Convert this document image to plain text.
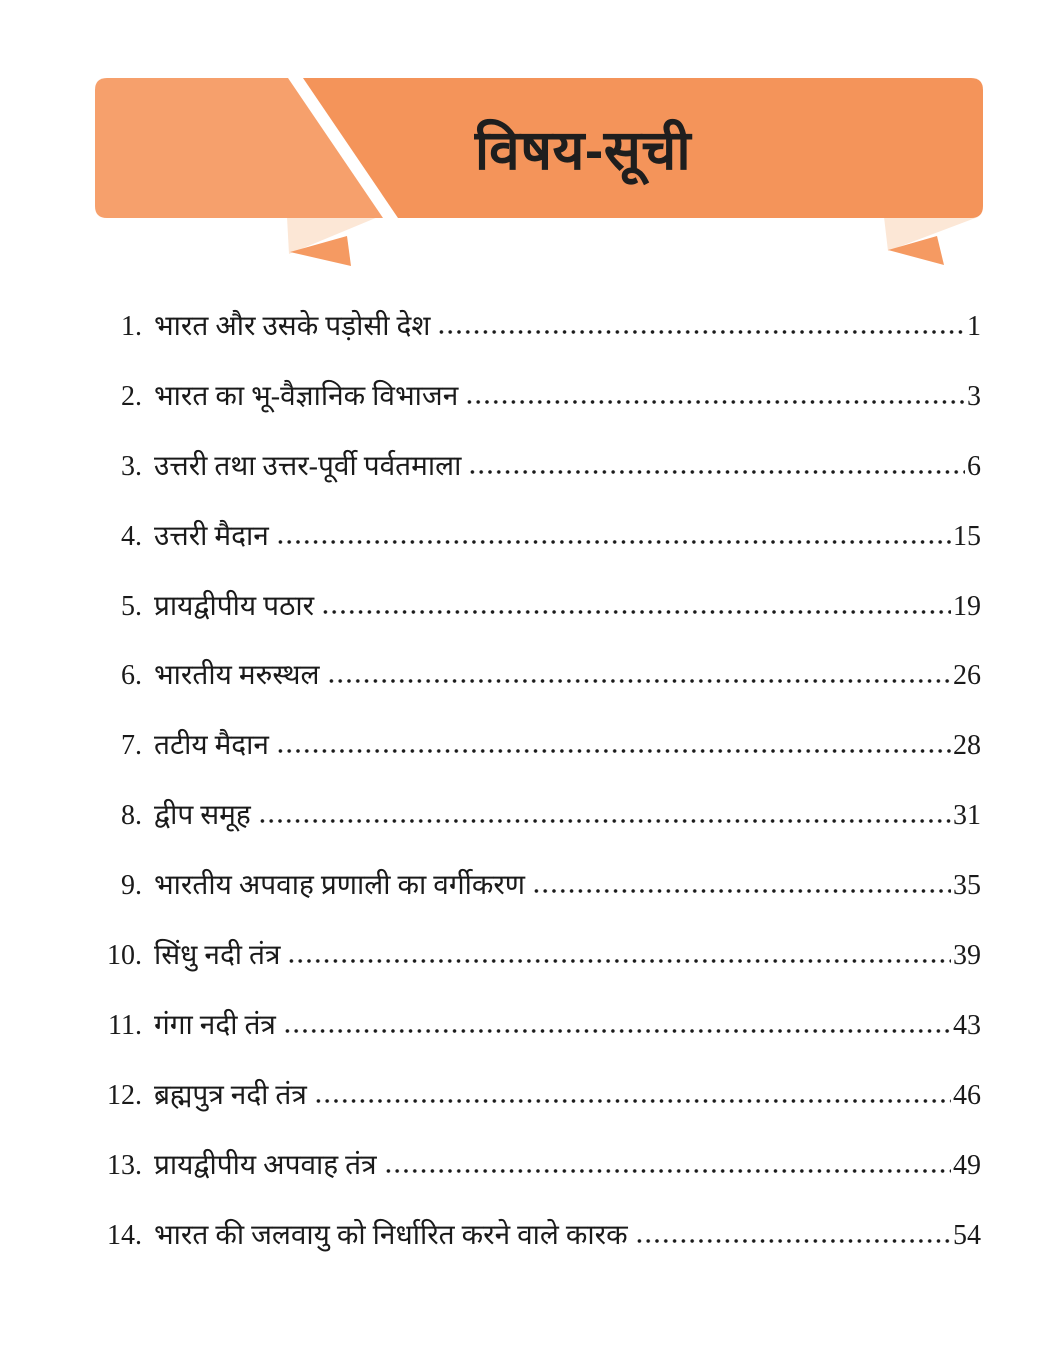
विषय-सूची
1. भारत और उसके पड़ोसी देश	1
2. भारत का भू-वैज्ञानिक विभाजन	3
3. उत्तरी तथा उत्तर-पूर्वी पर्वतमाला	6
4. उत्तरी मैदान	15
5. प्रायद्वीपीय पठार	19
6. भारतीय मरुस्थल	26
7. तटीय मैदान	28
8. द्वीप समूह	31
9. भारतीय अपवाह प्रणाली का वर्गीकरण	35
10. सिंधु नदी तंत्र	39
11. गंगा नदी तंत्र	43
12. ब्रह्मपुत्र नदी तंत्र	46
13. प्रायद्वीपीय अपवाह तंत्र	49
14. भारत की जलवायु को निर्धारित करने वाले कारक	54
